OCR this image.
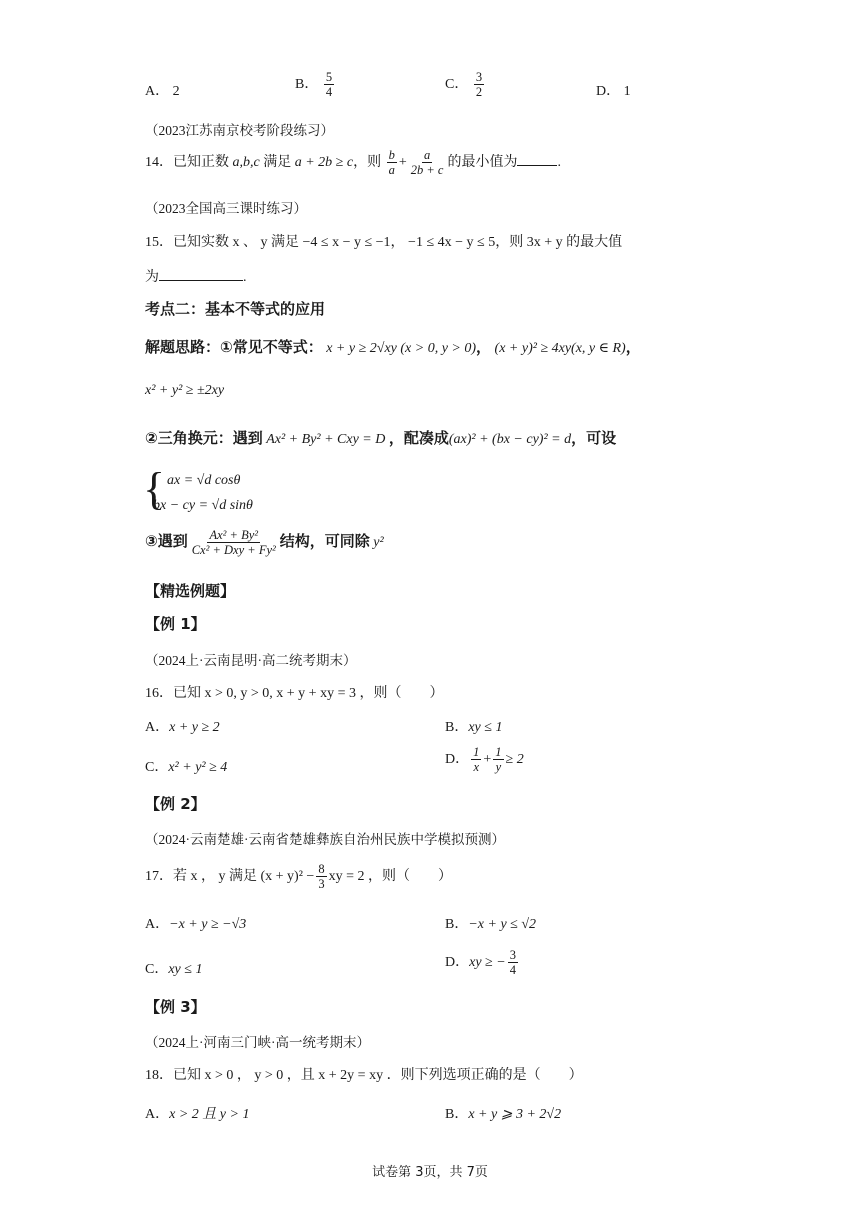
A． 2	B． $\frac{5}{4}$	C． $\frac{3}{2}$	D． 1
（2023江苏南京校考阶段练习）
14．已知正数 a,b,c 满足 a + 2b ≥ c，则 $\frac{b}{a} + \frac{a}{2b + c}$ 的最小值为	.
（2023全国高三课时练习）
15．已知实数 x 、 y 满足 −4 ≤ x − y ≤ −1， −1 ≤ 4x − y ≤ 5，则 3x + y 的最大值
为	.
考点二：基本不等式的应用
解题思路：①常见不等式： x + y ≥ 2√xy (x > 0, y > 0)， (x + y)² ≥ 4xy(x, y ∈ R)，
x² + y² ≥ ±2xy
②三角换元：遇到 Ax² + By² + Cxy = D ，配凑成(ax)² + (bx − cy)² = d，可设
{ ax = √d cosθ
bx − cy = √d sinθ
③遇到 $\frac{\text{Ax² + By²}}{\text{Cx² + Dxy + Fy²}}$ 结构，可同除 y²
【精选例题】
【例 1】
（2024上·云南昆明·高二统考期末）
16．已知 x > 0, y > 0, x + y + xy = 3 ，则（　　）
A．x + y ≥ 2	B．xy ≤ 1
C．x² + y² ≥ 4
D． $\frac{1}{x} + \frac{1}{y} \ge 2$
【例 2】
（2024·云南楚雄·云南省楚雄彝族自治州民族中学模拟预测）
17．若 x ， y 满足 $(x + y)^2 - \frac{8}{3}$ xy = 2 ，则（　　）
A．−x + y ≥ −√3	B．−x + y ≤ √2
C．xy ≤ 1	D．xy ≥ − $\frac{3}{4}$
【例 3】
（2024上·河南三门峡·高一统考期末）
18．已知 x > 0 ， y > 0 ，且 x + 2y = xy ．则下列选项正确的是（　　）
A．x > 2 且 y > 1	B．x + y ⩾ 3 + 2√2
试卷第 3页，共 7页
